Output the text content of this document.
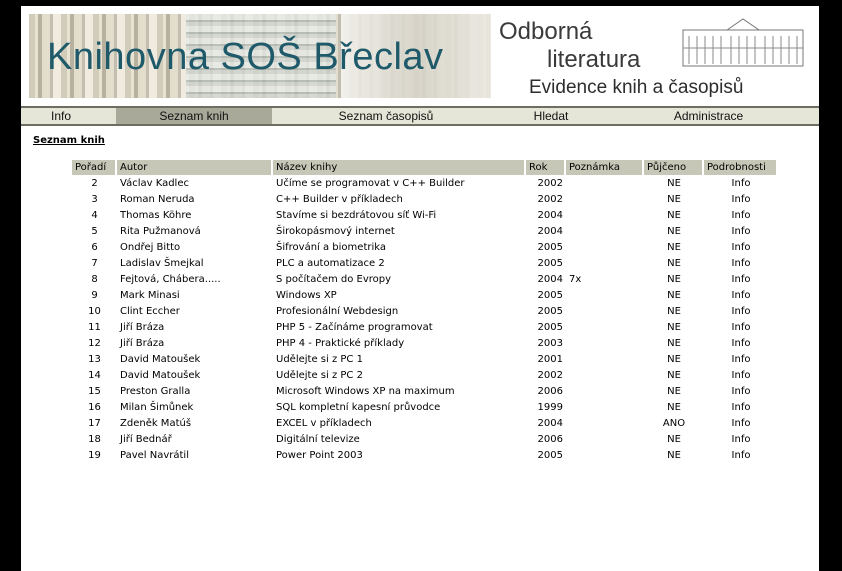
Knihovna SOŠ Břeclav
Odborná
literatura
Evidence knih a časopisů
Info	Seznam knih	Seznam časopisů	Hledat	Administrace
Seznam knih
Pořadí	Autor	Název knihy	Rok	Poznámka	Půjčeno	Podrobnosti
2	Václav Kadlec	Učíme se programovat v C++ Builder	2002		NE	Info
3	Roman Neruda	C++ Builder v příkladech	2002		NE	Info
4	Thomas Köhre	Stavíme si bezdrátovou síť Wi-Fi	2004		NE	Info
5	Rita Pužmanová	Širokopásmový internet	2004		NE	Info
6	Ondřej Bitto	Šifrování a biometrika	2005		NE	Info
7	Ladislav Šmejkal	PLC a automatizace 2	2005		NE	Info
8	Fejtová, Chábera.....	S počítačem do Evropy	2004	7x	NE	Info
9	Mark Minasi	Windows XP	2005		NE	Info
10	Clint Eccher	Profesionální Webdesign	2005		NE	Info
11	Jiří Bráza	PHP 5 - Začínáme programovat	2005		NE	Info
12	Jiří Bráza	PHP 4 - Praktické příklady	2003		NE	Info
13	David Matoušek	Udělejte si z PC 1	2001		NE	Info
14	David Matoušek	Udělejte si z PC 2	2002		NE	Info
15	Preston Gralla	Microsoft Windows XP na maximum	2006		NE	Info
16	Milan Šimůnek	SQL kompletní kapesní průvodce	1999		NE	Info
17	Zdeněk Matúš	EXCEL v příkladech	2004		ANO	Info
18	Jiří Bednář	Digitální televize	2006		NE	Info
19	Pavel Navrátil	Power Point 2003	2005		NE	Info
